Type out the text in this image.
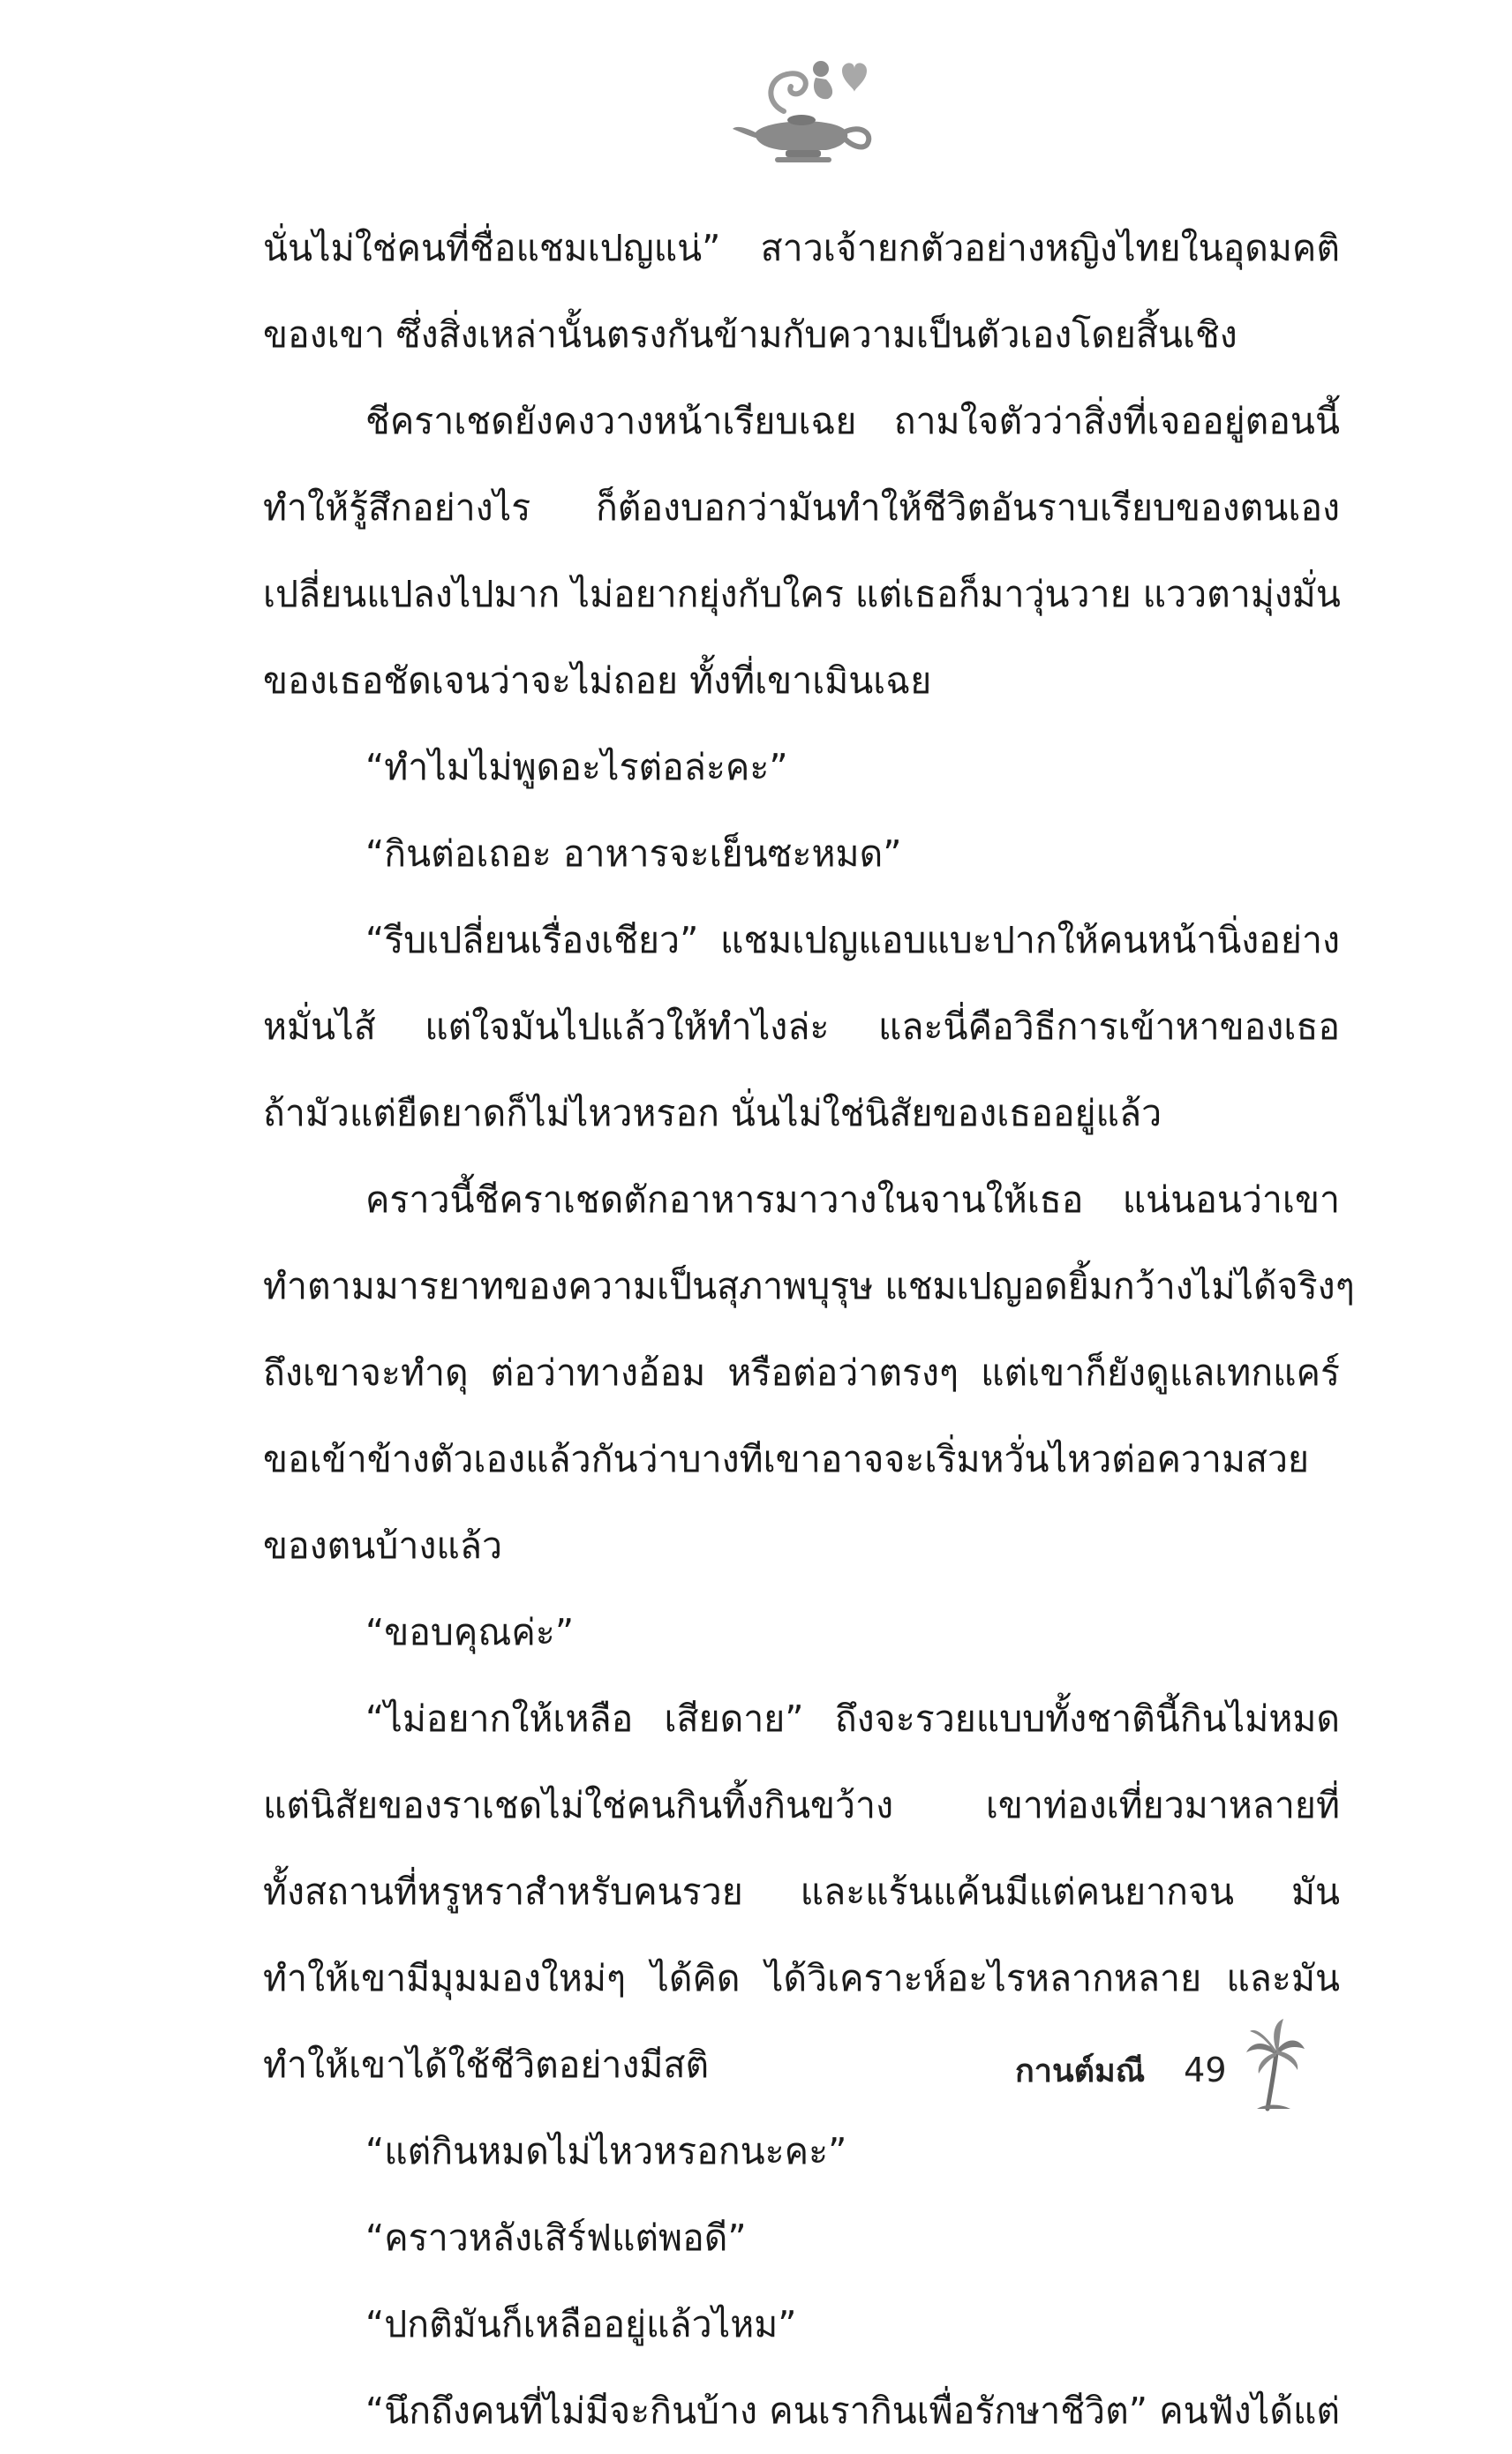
นั่นไม่ใช่คนที่ชื่อแชมเปญแน่” สาวเจ้ายกตัวอย่างหญิงไทยในอุดมคติ
ของเขา ซึ่งสิ่งเหล่านั้นตรงกันข้ามกับความเป็นตัวเองโดยสิ้นเชิง
ชีคราเชดยังคงวางหน้าเรียบเฉย ถามใจตัวว่าสิ่งที่เจออยู่ตอนนี้
ทำให้รู้สึกอย่างไร ก็ต้องบอกว่ามันทำให้ชีวิตอันราบเรียบของตนเอง
เปลี่ยนแปลงไปมาก ไม่อยากยุ่งกับใคร แต่เธอก็มาวุ่นวาย แววตามุ่งมั่น
ของเธอชัดเจนว่าจะไม่ถอย ทั้งที่เขาเมินเฉย
“ทำไมไม่พูดอะไรต่อล่ะคะ”
“กินต่อเถอะ อาหารจะเย็นซะหมด”
“รีบเปลี่ยนเรื่องเชียว” แชมเปญแอบแบะปากให้คนหน้านิ่งอย่าง
หมั่นไส้ แต่ใจมันไปแล้วให้ทำไงล่ะ และนี่คือวิธีการเข้าหาของเธอ
ถ้ามัวแต่ยืดยาดก็ไม่ไหวหรอก นั่นไม่ใช่นิสัยของเธออยู่แล้ว
คราวนี้ชีคราเชดตักอาหารมาวางในจานให้เธอ แน่นอนว่าเขา
ทำตามมารยาทของความเป็นสุภาพบุรุษ แชมเปญอดยิ้มกว้างไม่ได้จริงๆ
ถึงเขาจะทำดุ ต่อว่าทางอ้อม หรือต่อว่าตรงๆ แต่เขาก็ยังดูแลเทกแคร์
ขอเข้าข้างตัวเองแล้วกันว่าบางทีเขาอาจจะเริ่มหวั่นไหวต่อความสวย
ของตนบ้างแล้ว
“ขอบคุณค่ะ”
“ไม่อยากให้เหลือ เสียดาย” ถึงจะรวยแบบทั้งชาตินี้กินไม่หมด
แต่นิสัยของราเชดไม่ใช่คนกินทิ้งกินขว้าง เขาท่องเที่ยวมาหลายที่
ทั้งสถานที่หรูหราสำหรับคนรวย และแร้นแค้นมีแต่คนยากจน มัน
ทำให้เขามีมุมมองใหม่ๆ ได้คิด ได้วิเคราะห์อะไรหลากหลาย และมัน
ทำให้เขาได้ใช้ชีวิตอย่างมีสติ
“แต่กินหมดไม่ไหวหรอกนะคะ”
“คราวหลังเสิร์ฟแต่พอดี”
“ปกติมันก็เหลืออยู่แล้วไหม”
“นึกถึงคนที่ไม่มีจะกินบ้าง คนเรากินเพื่อรักษาชีวิต” คนฟังได้แต่
กานต์มณี 49
